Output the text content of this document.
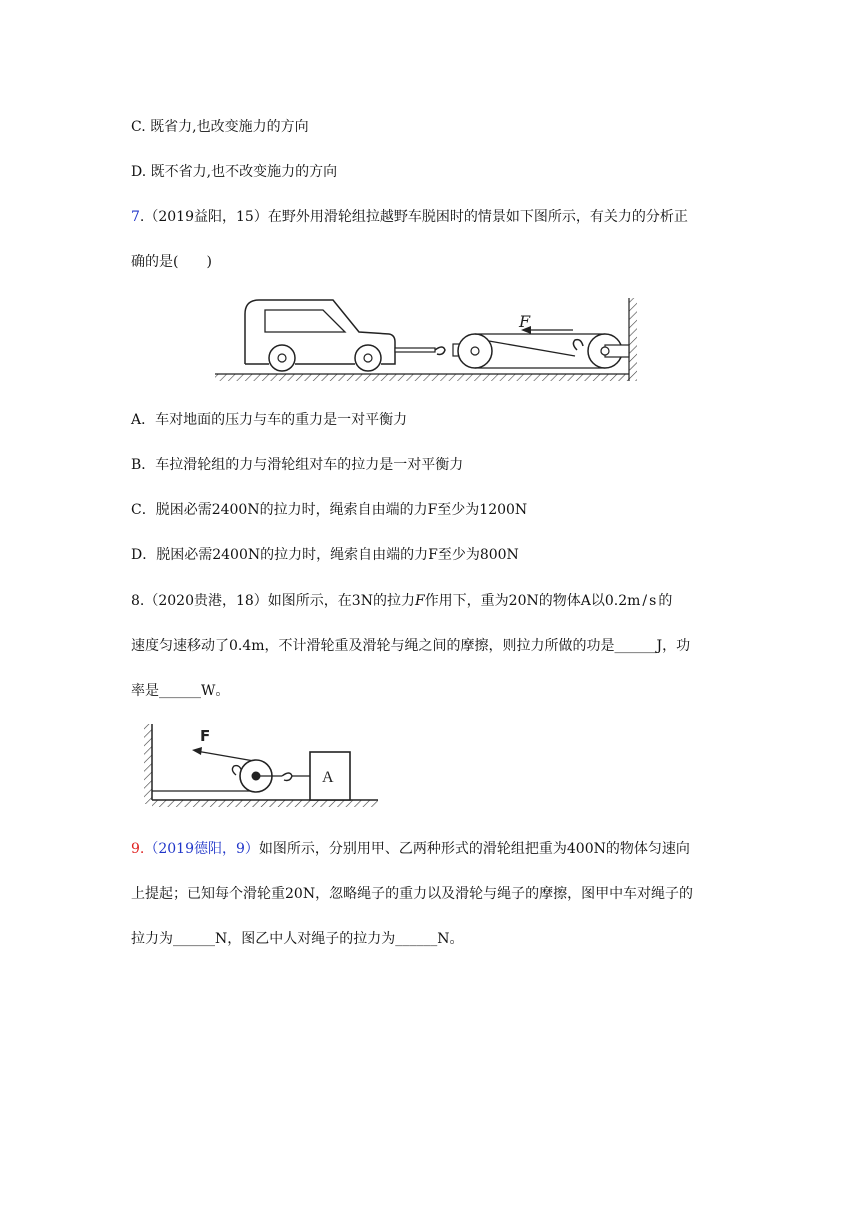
C. 既省力,也改变施力的方向
D. 既不省力,也不改变施力的方向
7.（2019益阳，15）在野外用滑轮组拉越野车脱困时的情景如下图所示，有关力的分析正
确的是(　　)
F
A．车对地面的压力与车的重力是一对平衡力
B．车拉滑轮组的力与滑轮组对车的拉力是一对平衡力
C．脱困必需2400N的拉力时，绳索自由端的力F至少为1200N
D．脱困必需2400N的拉力时，绳索自由端的力F至少为800N
8.（2020贵港，18）如图所示，在3N的拉力F作用下，重为20N的物体A以0.2m/s的
速度匀速移动了0.4m，不计滑轮重及滑轮与绳之间的摩擦，则拉力所做的功是______J，功
率是______W。
F
A
9.（2019德阳，9）如图所示，分别用甲、乙两种形式的滑轮组把重为400N的物体匀速向
上提起；已知每个滑轮重20N，忽略绳子的重力以及滑轮与绳子的摩擦，图甲中车对绳子的
拉力为______N，图乙中人对绳子的拉力为______N。
